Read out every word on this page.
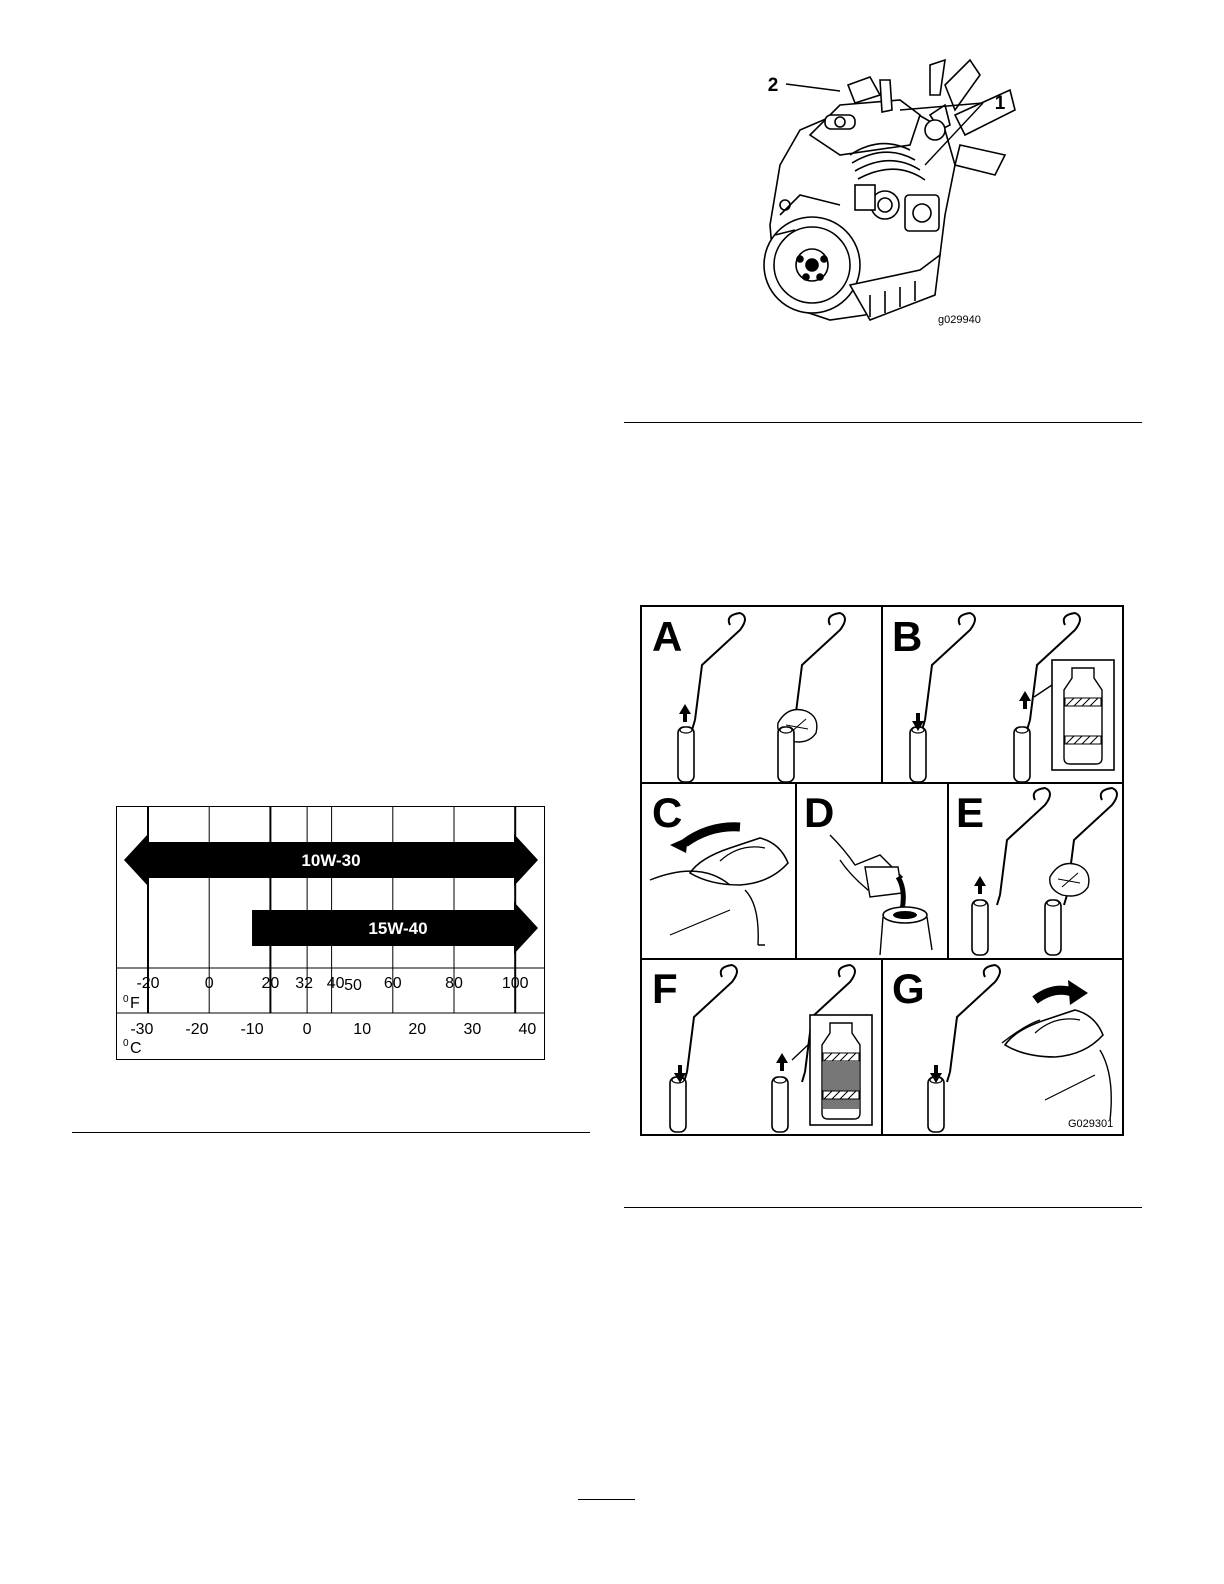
2
1
g029940
10W-30
15W-40
-20	0	20 32 40 50 60	80 100
-30 -20 -10 0	10 20 30 40
0 F
0 C
A	B
C	D	E
F	G
G029301
